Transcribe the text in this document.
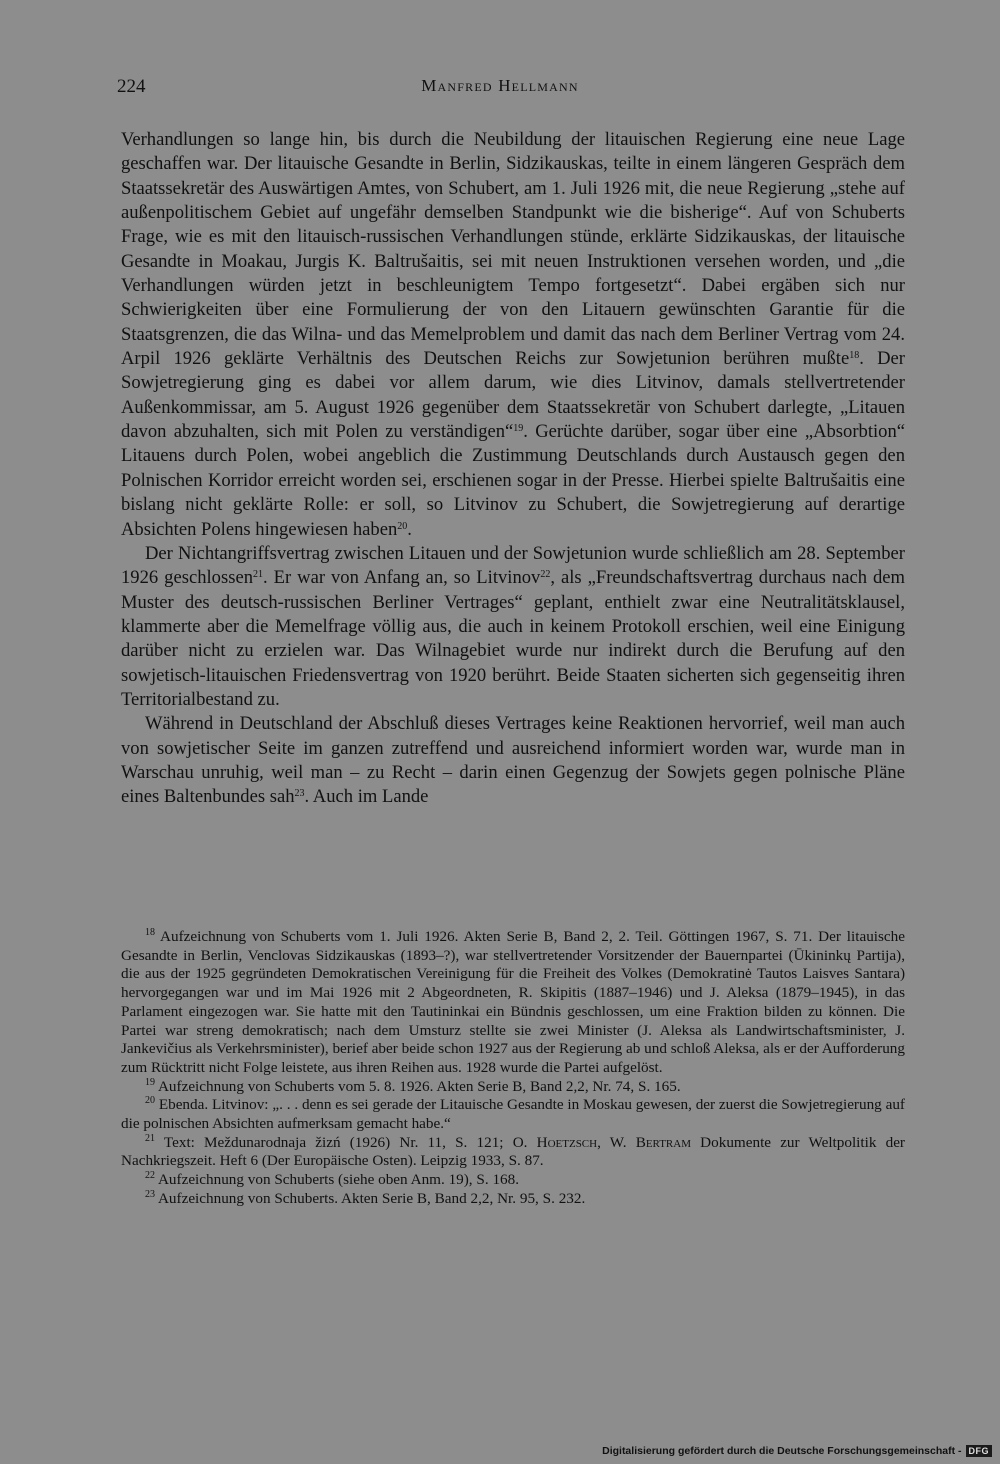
224	Manfred Hellmann

Verhandlungen so lange hin, bis durch die Neubildung der litauischen Regierung eine neue Lage geschaffen war. Der litauische Gesandte in Berlin, Sidzikauskas, teilte in einem längeren Gespräch dem Staatssekretär des Auswärtigen Amtes, von Schubert, am 1. Juli 1926 mit, die neue Regierung „stehe auf außenpolitischem Gebiet auf ungefähr demselben Standpunkt wie die bisherige“. Auf von Schuberts Frage, wie es mit den litauisch-russischen Verhandlungen stünde, erklärte Sidzikauskas, der litauische Gesandte in Moakau, Jurgis K. Baltrušaitis, sei mit neuen Instruktionen versehen worden, und „die Verhandlungen würden jetzt in beschleunigtem Tempo fortgesetzt“. Dabei ergäben sich nur Schwierigkeiten über eine Formulierung der von den Litauern gewünschten Garantie für die Staatsgrenzen, die das Wilna- und das Memelproblem und damit das nach dem Berliner Vertrag vom 24. Arpil 1926 geklärte Verhältnis des Deutschen Reichs zur Sowjetunion berühren mußte$^{18}$. Der Sowjetregierung ging es dabei vor allem darum, wie dies Litvinov, damals stellvertretender Außenkommissar, am 5. August 1926 gegenüber dem Staatssekretär von Schubert darlegte, „Litauen davon abzuhalten, sich mit Polen zu verständigen“$^{19}$. Gerüchte darüber, sogar über eine „Absorbtion“ Litauens durch Polen, wobei angeblich die Zustimmung Deutschlands durch Austausch gegen den Polnischen Korridor erreicht worden sei, erschienen sogar in der Presse. Hierbei spielte Baltrušaitis eine bislang nicht geklärte Rolle: er soll, so Litvinov zu Schubert, die Sowjetregierung auf derartige Absichten Polens hingewiesen haben$^{20}$.

Der Nichtangriffsvertrag zwischen Litauen und der Sowjetunion wurde schließlich am 28. September 1926 geschlossen$^{21}$. Er war von Anfang an, so Litvinov$^{22}$, als „Freundschaftsvertrag durchaus nach dem Muster des deutsch-russischen Berliner Vertrages“ geplant, enthielt zwar eine Neutralitätsklausel, klammerte aber die Memelfrage völlig aus, die auch in keinem Protokoll erschien, weil eine Einigung darüber nicht zu erzielen war. Das Wilnagebiet wurde nur indirekt durch die Berufung auf den sowjetisch-litauischen Friedensvertrag von 1920 berührt. Beide Staaten sicherten sich gegenseitig ihren Territorialbestand zu.

Während in Deutschland der Abschluß dieses Vertrages keine Reaktionen hervorrief, weil man auch von sowjetischer Seite im ganzen zutreffend und ausreichend informiert worden war, wurde man in Warschau unruhig, weil man – zu Recht – darin einen Gegenzug der Sowjets gegen polnische Pläne eines Baltenbundes sah$^{23}$. Auch im Lande

$^{18}$ Aufzeichnung von Schuberts vom 1. Juli 1926. Akten Serie B, Band 2, 2. Teil. Göttingen 1967, S. 71. Der litauische Gesandte in Berlin, Venclovas Sidzikauskas (1893–?), war stellvertretender Vorsitzender der Bauernpartei (Ūkininkų Partija), die aus der 1925 gegründeten Demokratischen Vereinigung für die Freiheit des Volkes (Demokratinė Tautos Laisves Santara) hervorgegangen war und im Mai 1926 mit 2 Abgeordneten, R. Skipitis (1887–1946) und J. Aleksa (1879–1945), in das Parlament eingezogen war. Sie hatte mit den Tautininkai ein Bündnis geschlossen, um eine Fraktion bilden zu können. Die Partei war streng demokratisch; nach dem Umsturz stellte sie zwei Minister (J. Aleksa als Landwirtschaftsminister, J. Jankevičius als Verkehrsminister), berief aber beide schon 1927 aus der Regierung ab und schloß Aleksa, als er der Aufforderung zum Rücktritt nicht Folge leistete, aus ihren Reihen aus. 1928 wurde die Partei aufgelöst.

$^{19}$ Aufzeichnung von Schuberts vom 5. 8. 1926. Akten Serie B, Band 2,2, Nr. 74, S. 165.

$^{20}$ Ebenda. Litvinov: „. . . denn es sei gerade der Litauische Gesandte in Moskau gewesen, der zuerst die Sowjetregierung auf die polnischen Absichten aufmerksam gemacht habe.“

$^{21}$ Text: Meždunarodnaja žizń (1926) Nr. 11, S. 121; O. Hoetzsch, W. Bertram Dokumente zur Weltpolitik der Nachkriegszeit. Heft 6 (Der Europäische Osten). Leipzig 1933, S. 87.

$^{22}$ Aufzeichnung von Schuberts (siehe oben Anm. 19), S. 168.

$^{23}$ Aufzeichnung von Schuberts. Akten Serie B, Band 2,2, Nr. 95, S. 232.

Digitalisierung gefördert durch die Deutsche Forschungsgemeinschaft - DFG
